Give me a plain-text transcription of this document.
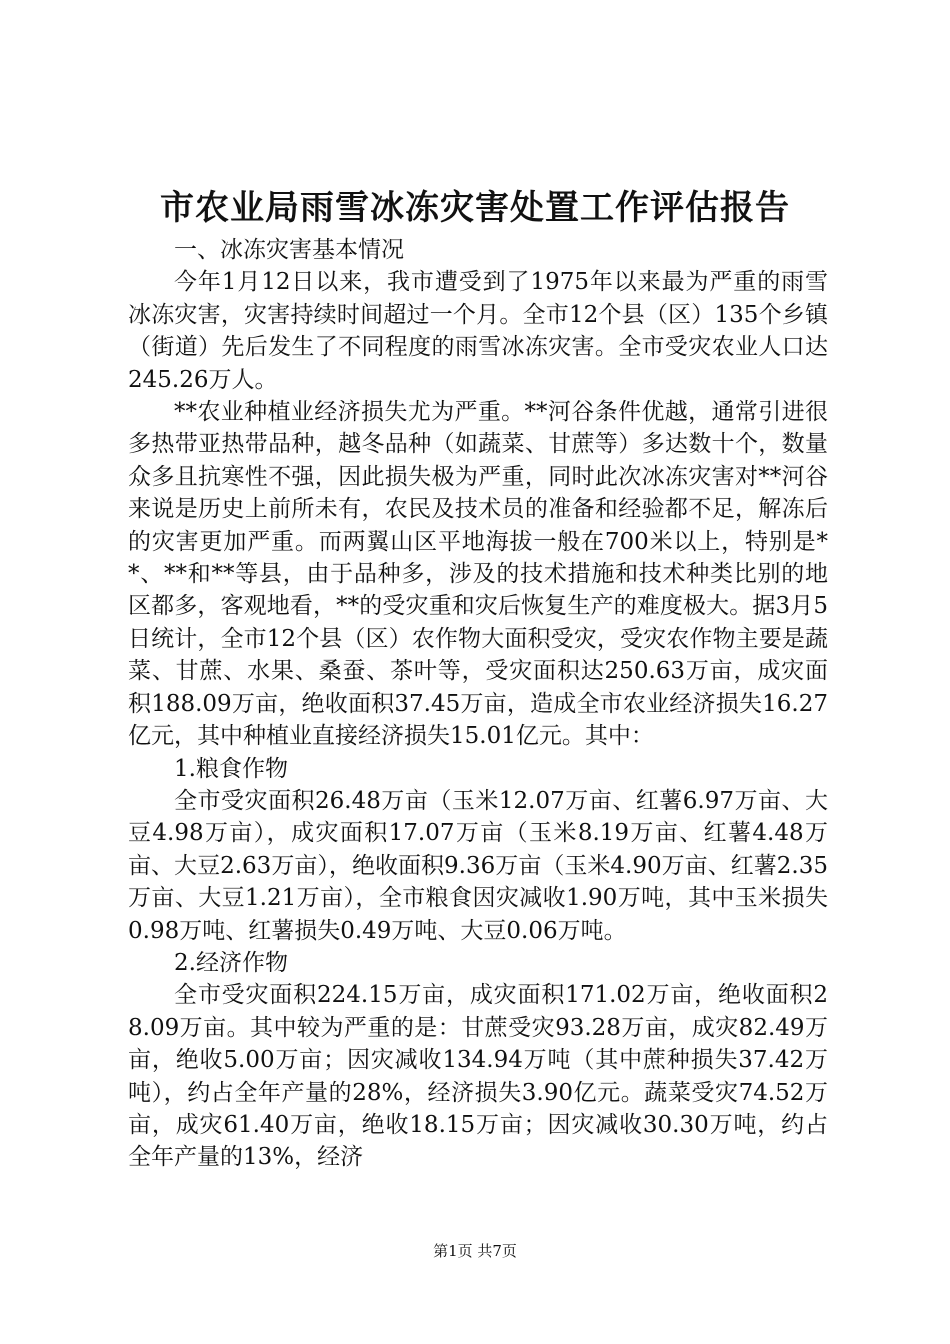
市农业局雨雪冰冻灾害处置工作评估报告

一、冰冻灾害基本情况

今年1月12日以来，我市遭受到了1975年以来最为严重的雨雪冰冻灾害，灾害持续时间超过一个月。全市12个县（区）135个乡镇（街道）先后发生了不同程度的雨雪冰冻灾害。全市受灾农业人口达245.26万人。

**农业种植业经济损失尤为严重。**河谷条件优越，通常引进很多热带亚热带品种，越冬品种（如蔬菜、甘蔗等）多达数十个，数量众多且抗寒性不强，因此损失极为严重，同时此次冰冻灾害对**河谷来说是历史上前所未有，农民及技术员的准备和经验都不足，解冻后的灾害更加严重。而两翼山区平地海拔一般在700米以上，特别是**、**和**等县，由于品种多，涉及的技术措施和技术种类比别的地区都多，客观地看，**的受灾重和灾后恢复生产的难度极大。据3月5日统计，全市12个县（区）农作物大面积受灾，受灾农作物主要是蔬菜、甘蔗、水果、桑蚕、茶叶等，受灾面积达250.63万亩，成灾面积188.09万亩，绝收面积37.45万亩，造成全市农业经济损失16.27亿元，其中种植业直接经济损失15.01亿元。其中：

1.粮食作物

全市受灾面积26.48万亩（玉米12.07万亩、红薯6.97万亩、大豆4.98万亩），成灾面积17.07万亩（玉米8.19万亩、红薯4.48万亩、大豆2.63万亩），绝收面积9.36万亩（玉米4.90万亩、红薯2.35万亩、大豆1.21万亩），全市粮食因灾减收1.90万吨，其中玉米损失0.98万吨、红薯损失0.49万吨、大豆0.06万吨。

2.经济作物

全市受灾面积224.15万亩，成灾面积171.02万亩，绝收面积28.09万亩。其中较为严重的是：甘蔗受灾93.28万亩，成灾82.49万亩，绝收5.00万亩；因灾减收134.94万吨（其中蔗种损失37.42万吨），约占全年产量的28%，经济损失3.90亿元。蔬菜受灾74.52万亩，成灾61.40万亩，绝收18.15万亩；因灾减收30.30万吨，约占全年产量的13%，经济

第1页 共7页
